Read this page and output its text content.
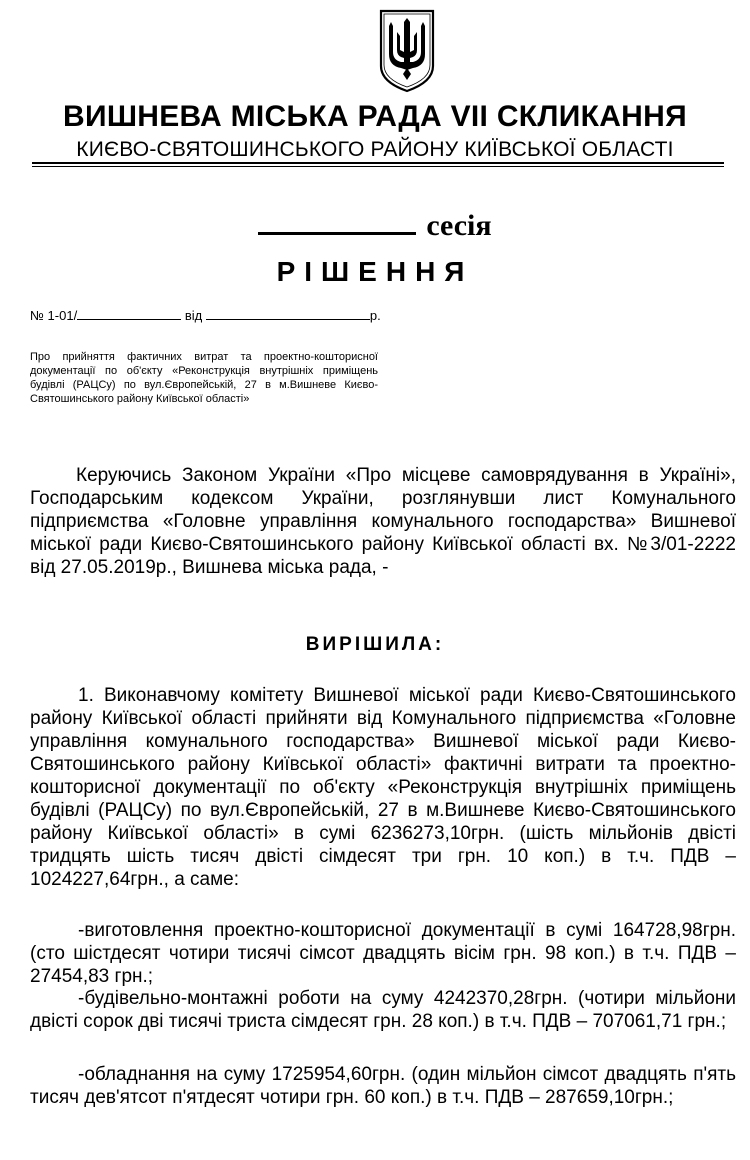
ВИШНЕВА МІСЬКА РАДА VII СКЛИКАННЯ
КИЄВО-СВЯТОШИНСЬКОГО РАЙОНУ КИЇВСЬКОЇ ОБЛАСТІ
сесія
РІШЕННЯ
№ 1-01/	від	р.
Про прийняття фактичних витрат та проектно-кошторисної документації по об'єкту «Реконструкція внутрішніх приміщень будівлі (РАЦСу) по вул.Європейській, 27 в м.Вишневе Києво-Святошинського району Київської області»
Керуючись Законом України «Про місцеве самоврядування в Україні», Господарським кодексом України, розглянувши лист Комунального підприємства «Головне управління комунального господарства» Вишневої міської ради Києво-Святошинського району Київської області вх. №3/01-2222 від 27.05.2019р., Вишнева міська рада, -
ВИРІШИЛА:
1. Виконавчому комітету Вишневої міської ради Києво-Святошинського району Київської області прийняти від Комунального підприємства «Головне управління комунального господарства» Вишневої міської ради Києво-Святошинського району Київської області» фактичні витрати та проектно-кошторисної документації по об'єкту «Реконструкція внутрішніх приміщень будівлі (РАЦСу) по вул.Європейській, 27 в м.Вишневе Києво-Святошинського району Київської області» в сумі 6236273,10грн. (шість мільйонів двісті тридцять шість тисяч двісті сімдесят три грн. 10 коп.) в т.ч. ПДВ – 1024227,64грн., а саме:
-виготовлення проектно-кошторисної документації в сумі 164728,98грн. (сто шістдесят чотири тисячі сімсот двадцять вісім грн. 98 коп.) в т.ч. ПДВ – 27454,83 грн.;
-будівельно-монтажні роботи на суму 4242370,28грн. (чотири мільйони двісті сорок дві тисячі триста сімдесят грн. 28 коп.) в т.ч. ПДВ – 707061,71 грн.;
-обладнання на суму 1725954,60грн. (один мільйон сімсот двадцять п'ять тисяч дев'ятсот п'ятдесят чотири грн. 60 коп.) в т.ч. ПДВ – 287659,10грн.;
